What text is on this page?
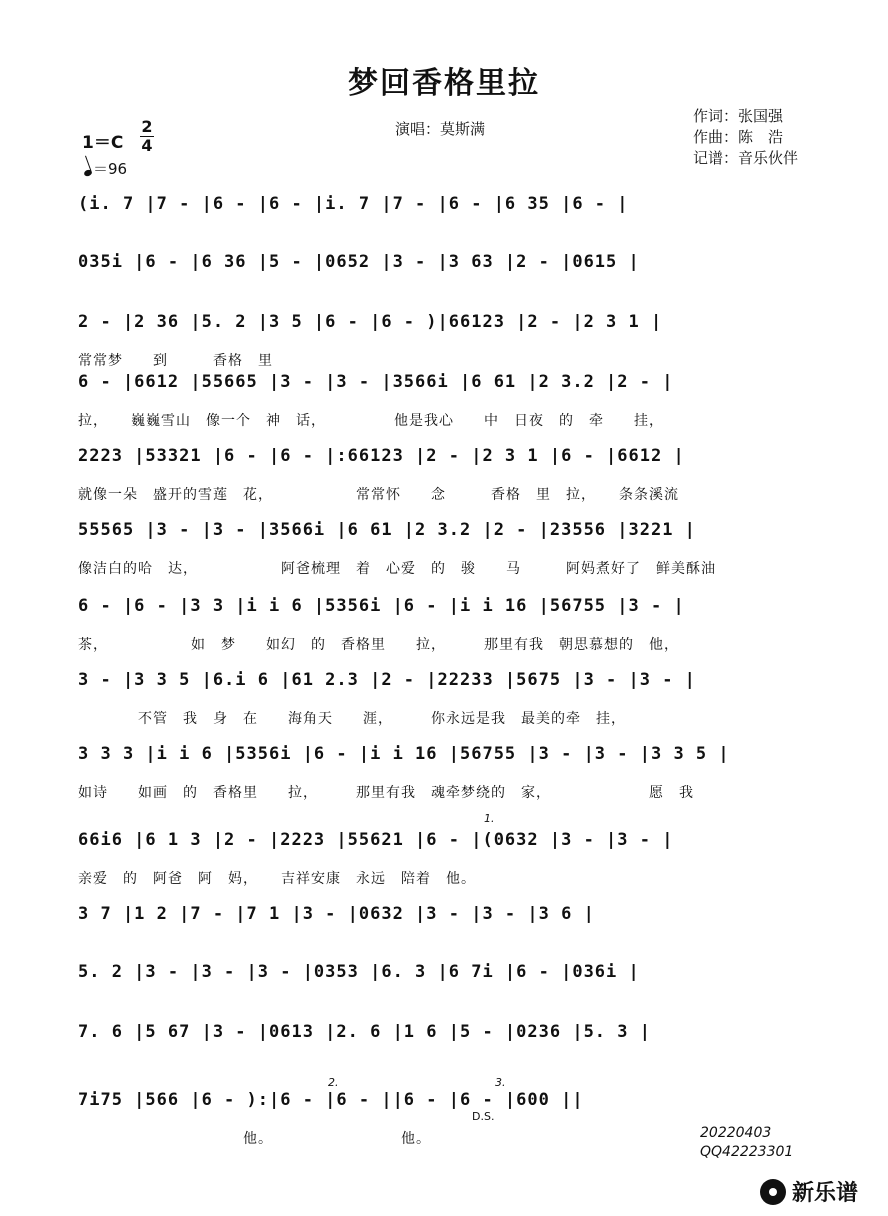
梦回香格里拉
演唱：莫斯满
作词：张国强
作曲：陈　浩
记谱：音乐伙伴
1＝C
2
4
＝96
(i. 7 |7 - |6 - |6 - |i. 7 |7 - |6 - |6 35 |6 - |
035i |6 - |6 36 |5 - |0652 |3 - |3 63 |2 - |0615 |
2 - |2 36 |5. 2 |3 5 |6 - |6 - )|66123 |2 - |2 3 1 |
常常梦　　到　　　香格　里
6 - |6612 |55665 |3 - |3 - |3566i |6 61 |2 3.2 |2 - |
拉，　　巍巍雪山　像一个　神　话，　　　　　他是我心　　中　日夜　的　牵　　挂，
2223 |53321 |6 - |6 - |:66123 |2 - |2 3 1 |6 - |6612 |
就像一朵　盛开的雪莲　花，　　　　　　常常怀　　念　　　香格　里　拉，　　条条溪流
55565 |3 - |3 - |3566i |6 61 |2 3.2 |2 - |23556 |3221 |
像洁白的哈　达，　　　　　　阿爸梳理　着　心爱　的　骏　　马　　　阿妈煮好了　鲜美酥油
6 - |6 - |3 3 |i i 6 |5356i |6 - |i i 16 |56755 |3 - |
茶，　　　　　　如　梦　　如幻　的　香格里　　拉，　　　那里有我　朝思慕想的　他，
3 - |3 3 5 |6.i 6 |61 2.3 |2 - |22233 |5675 |3 - |3 - |
　　　　不管　我　身　在　　海角天　　涯，　　　你永远是我　最美的牵　挂，
3 3 3 |i i 6 |5356i |6 - |i i 16 |56755 |3 - |3 - |3 3 5 |
如诗　　如画　的　香格里　　拉，　　　那里有我　魂牵梦绕的　家，　　　　　　　愿　我
66i6 |6 1 3 |2 - |2223 |55621 |6 - |(0632 |3 - |3 - |
亲爱　的　阿爸　阿　妈，　　吉祥安康　永远　陪着　他。
3 7 |1 2 |7 - |7 1 |3 - |0632 |3 - |3 - |3 6 |
5. 2 |3 - |3 - |3 - |0353 |6. 3 |6 7i |6 - |036i |
7. 6 |5 67 |3 - |0613 |2. 6 |1 6 |5 - |0236 |5. 3 |
7i75 |566 |6 - ):|6 - |6 - ||6 - |6 - |600 ||
　　　　　　　　　　　他。　　　　　　　　　他。
1.
2.	3.
D.S.
20220403
QQ42223301
新乐谱
